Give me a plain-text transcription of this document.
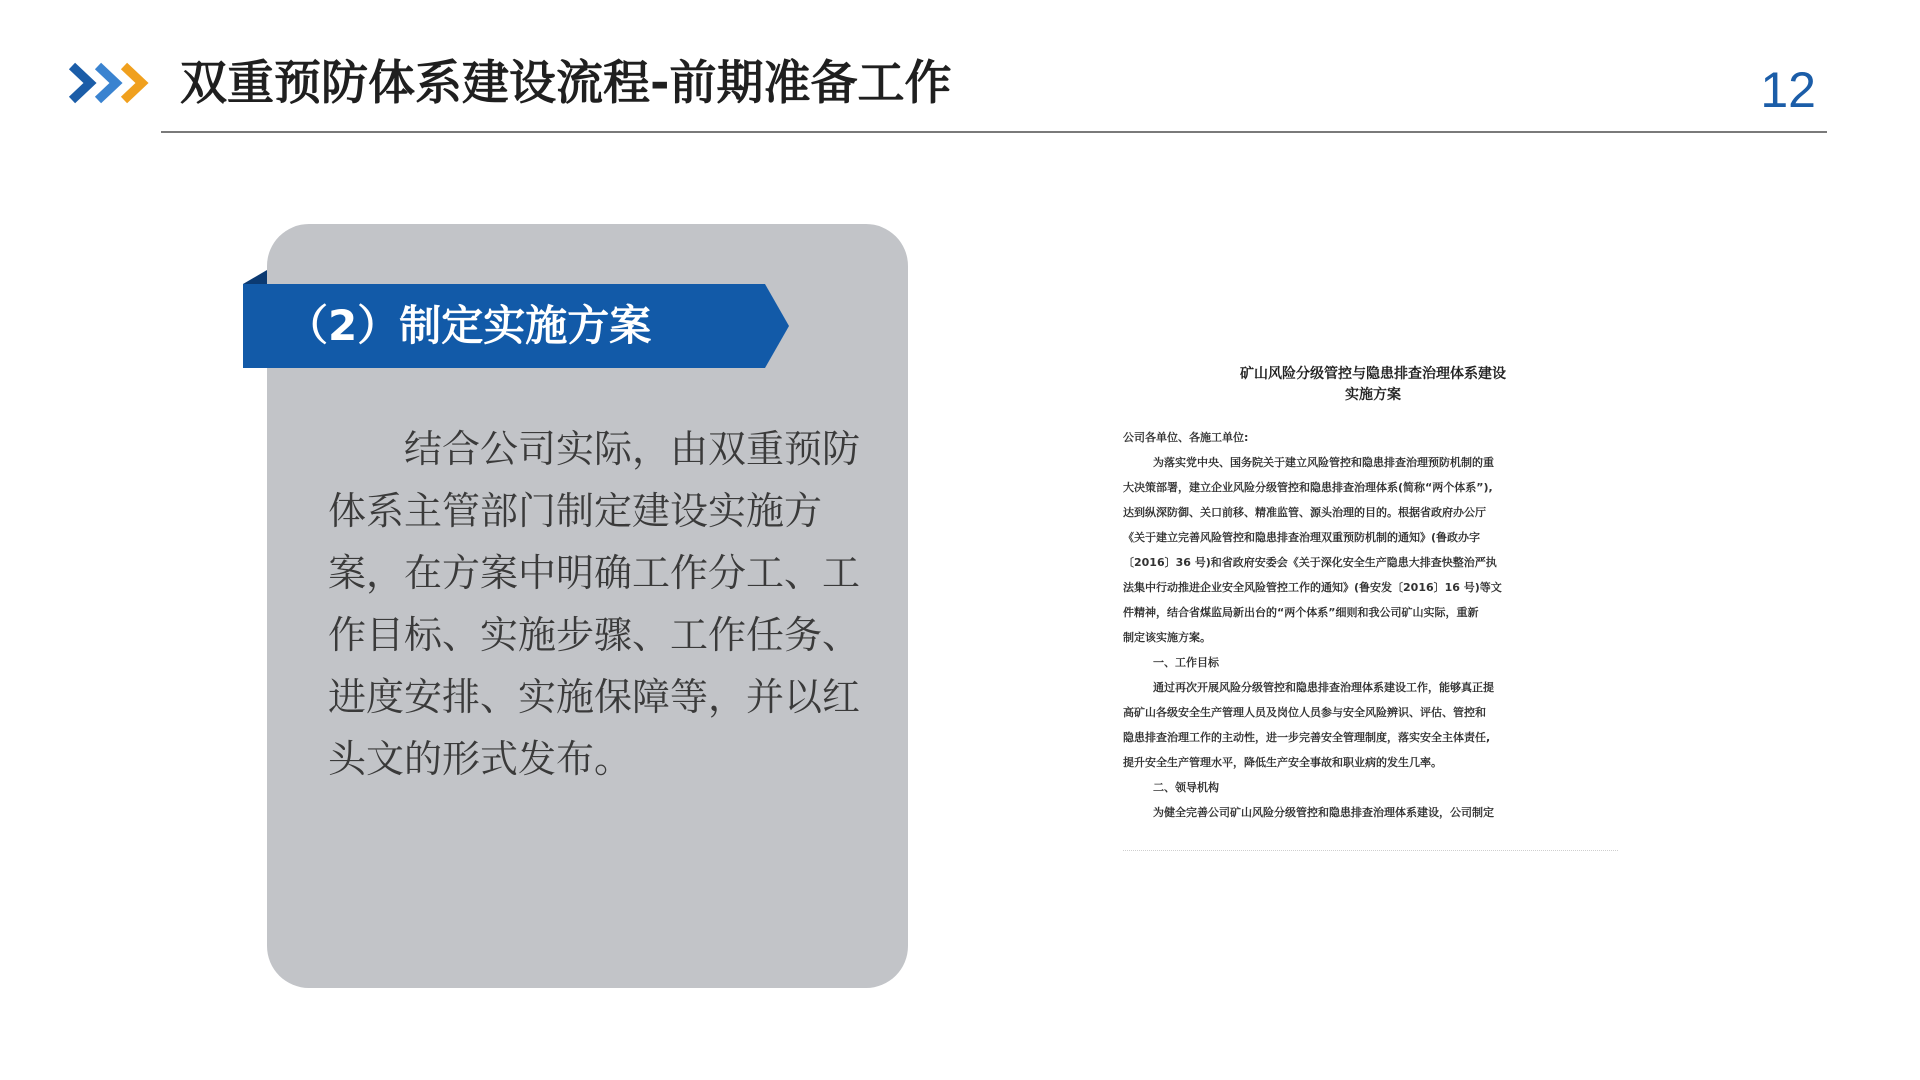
双重预防体系建设流程-前期准备工作	12
（2）制定实施方案

结合公司实际，由双重预防体系主管部门制定建设实施方案，在方案中明确工作分工、工作目标、实施步骤、工作任务、进度安排、实施保障等，并以红头文的形式发布。

矿山风险分级管控与隐患排查治理体系建设
实施方案
公司各单位、各施工单位:
为落实党中央、国务院关于建立风险管控和隐患排查治理预防机制的重
大决策部署，建立企业风险分级管控和隐患排查治理体系(简称“两个体系”),
达到纵深防御、关口前移、精准监管、源头治理的目的。根据省政府办公厅
《关于建立完善风险管控和隐患排查治理双重预防机制的通知》(鲁政办字
〔2016〕36 号)和省政府安委会《关于深化安全生产隐患大排查快整治严执
法集中行动推进企业安全风险管控工作的通知》(鲁安发〔2016〕16 号)等文
件精神，结合省煤监局新出台的“两个体系”细则和我公司矿山实际，重新
制定该实施方案。
一、工作目标
通过再次开展风险分级管控和隐患排查治理体系建设工作，能够真正提
高矿山各级安全生产管理人员及岗位人员参与安全风险辨识、评估、管控和
隐患排查治理工作的主动性，进一步完善安全管理制度，落实安全主体责任,
提升安全生产管理水平，降低生产安全事故和职业病的发生几率。
二、领导机构
为健全完善公司矿山风险分级管控和隐患排查治理体系建设，公司制定
